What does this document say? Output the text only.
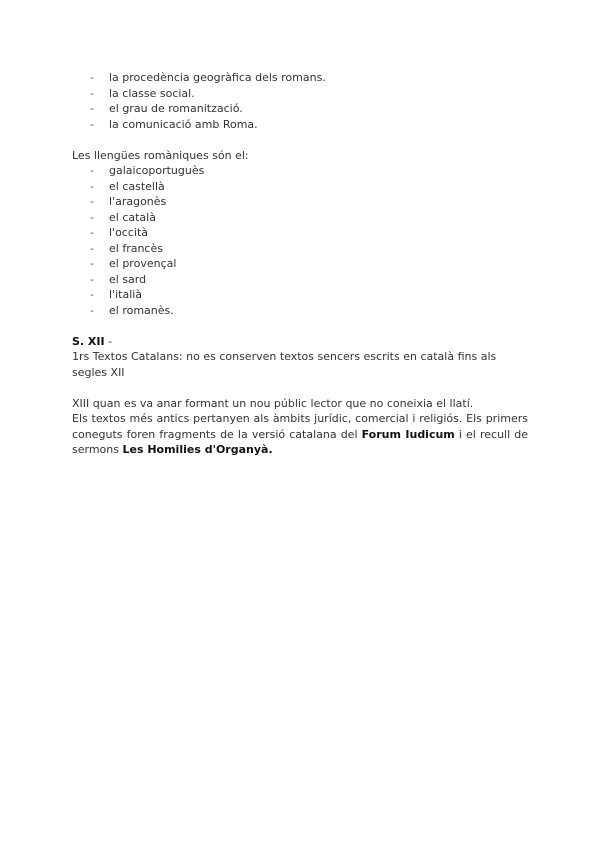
- la procedència geogràfica dels romans.
- la classe social.
- el grau de romanització.
- la comunicació amb Roma.

Les llengües romàniques són el:

- galaicoportuguès
- el castellà
- l'aragonès
- el català
- l'occità
- el francès
- el provençal
- el sard
- l'italià
- el romanès.

S. XII -

1rs Textos Catalans: no es conserven textos sencers escrits en català fins als segles XII

XIII quan es va anar formant un nou públic lector que no coneixia el llatí.

Els textos més antics pertanyen als àmbits jurídic, comercial i religiós. Els primers coneguts foren fragments de la versió catalana del Forum Iudicum i el recull de sermons Les Homilies d'Organyà.
